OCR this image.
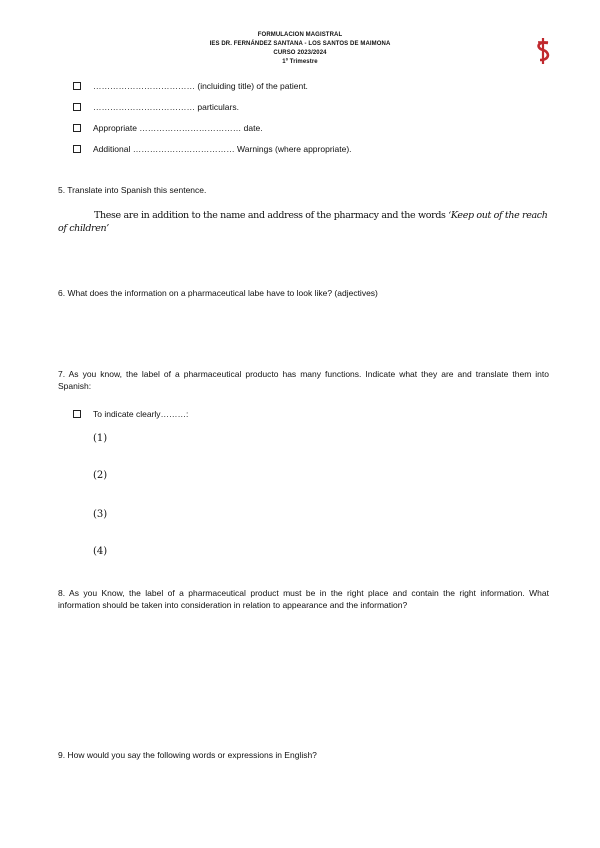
FORMULACION MAGISTRAL
IES DR. FERNÁNDEZ SANTANA - LOS SANTOS DE MAIMONA
CURSO 2023/2024
1º Trimestre
……………………………… (incluiding title) of the patient.
……………………………… particulars.
Appropriate ……………………………… date.
Additional ……………………………… Warnings (where appropriate).
5. Translate into Spanish this sentence.
These are in addition to the name and address of the pharmacy and the words ‘Keep out of the reach of children’
6. What does the information on a pharmaceutical labe have to look like? (adjectives)
7. As you know, the label of a pharmaceutical producto has many functions. Indicate what they are and translate them into Spanish:
To indicate clearly………:
(1)
(2)
(3)
(4)
8. As you Know, the label of a pharmaceutical product must be in the right place and contain the right information. What information should be taken into consideration in relation to appearance and the information?
9. How would you say the following words or expressions in English?
